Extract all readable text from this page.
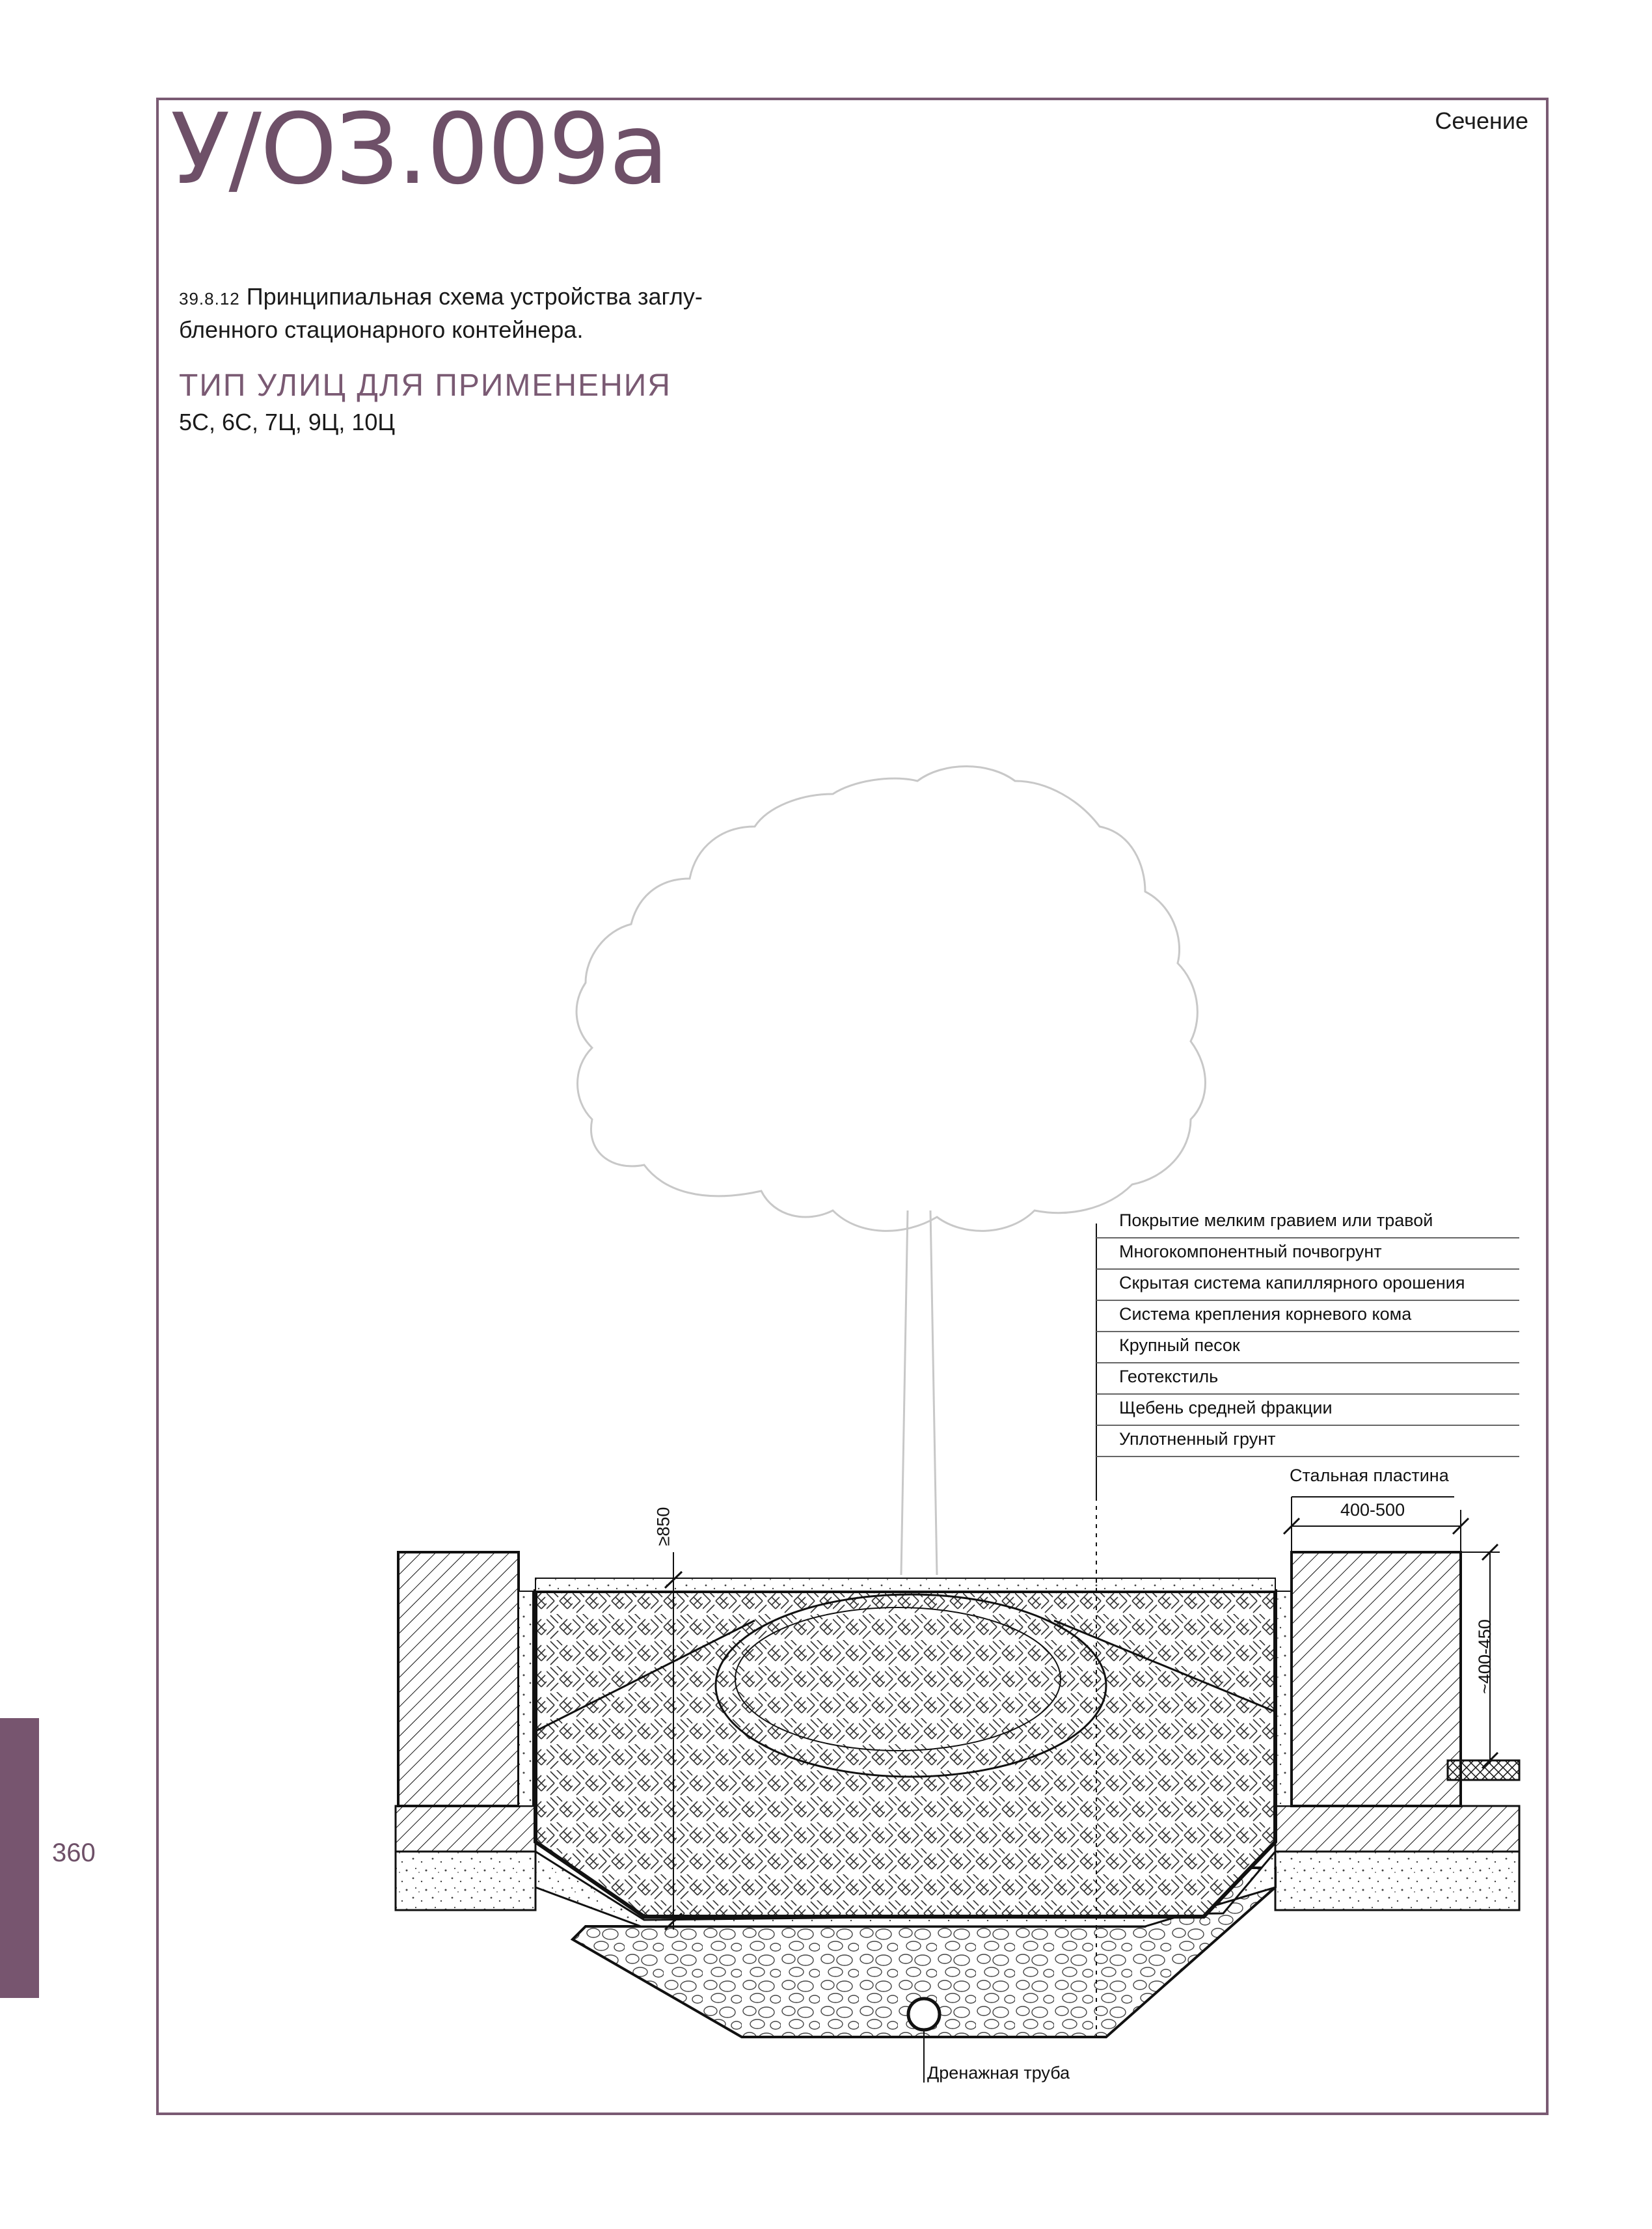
У/ОЗ.009а	Сечение
39.8.12 Принципиальная схема устройства заглу-
бленного стационарного контейнера.
ТИП УЛИЦ ДЛЯ ПРИМЕНЕНИЯ
5С, 6С, 7Ц, 9Ц, 10Ц
360
Покрытие мелким гравием или травой
Многокомпонентный почвогрунт
Скрытая система капиллярного орошения
Система крепления корневого кома
Крупный песок
Геотекстиль
Щебень средней фракции
Уплотненный грунт
Стальная пластина
400-500
~400-450
≥850
Дренажная труба
